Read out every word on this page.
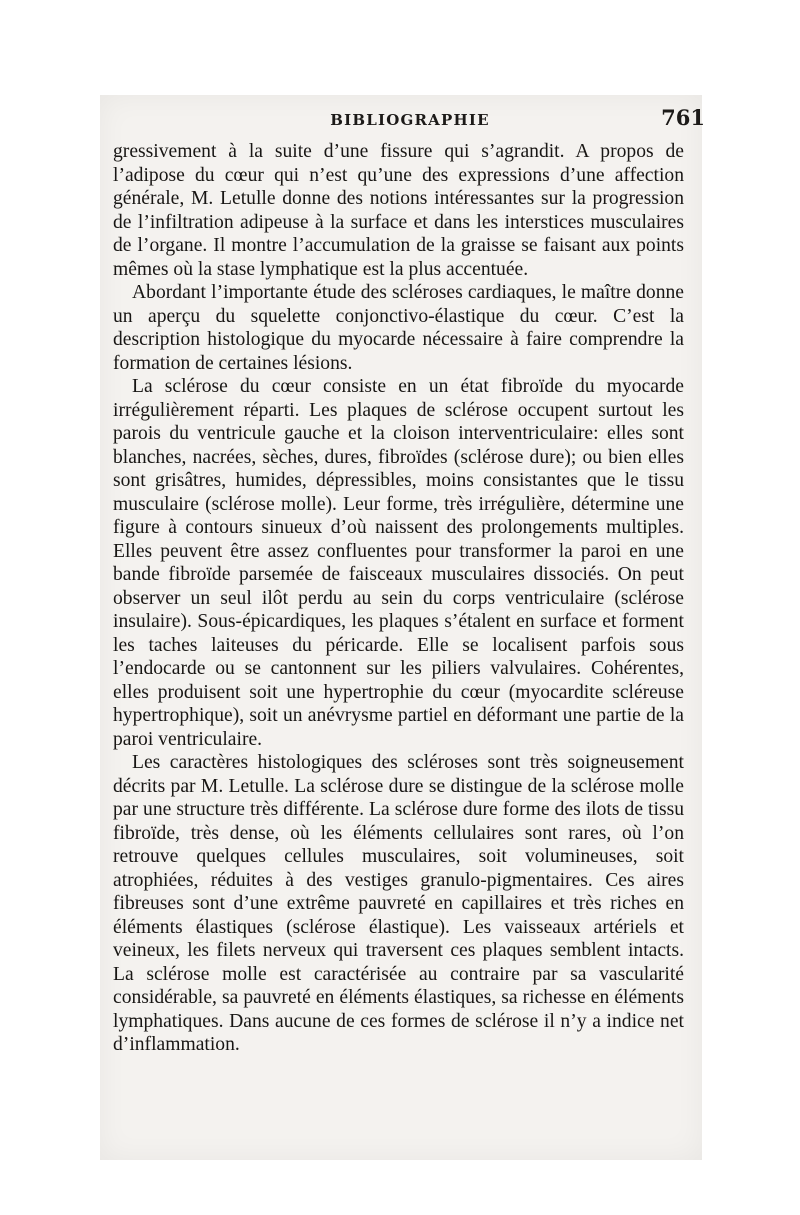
BIBLIOGRAPHIE	761

gressivement à la suite d’une fissure qui s’agrandit. A propos de l’adipose du cœur qui n’est qu’une des expressions d’une affection générale, M. Letulle donne des notions intéressantes sur la progression de l’infiltration adipeuse à la surface et dans les interstices musculaires de l’organe. Il montre l’accumulation de la graisse se faisant aux points mêmes où la stase lymphatique est la plus accentuée.

Abordant l’importante étude des scléroses cardiaques, le maître donne un aperçu du squelette conjonctivo-élastique du cœur. C’est la description histologique du myocarde nécessaire à faire comprendre la formation de certaines lésions.

La sclérose du cœur consiste en un état fibroïde du myocarde irrégulièrement réparti. Les plaques de sclérose occupent surtout les parois du ventricule gauche et la cloison interventriculaire: elles sont blanches, nacrées, sèches, dures, fibroïdes (sclérose dure); ou bien elles sont grisâtres, humides, dépressibles, moins consistantes que le tissu musculaire (sclérose molle). Leur forme, très irrégulière, détermine une figure à contours sinueux d’où naissent des prolongements multiples. Elles peuvent être assez confluentes pour transformer la paroi en une bande fibroïde parsemée de faisceaux musculaires dissociés. On peut observer un seul ilôt perdu au sein du corps ventriculaire (sclérose insulaire). Sous-épicardiques, les plaques s’étalent en surface et forment les taches laiteuses du péricarde. Elle se localisent parfois sous l’endocarde ou se cantonnent sur les piliers valvulaires. Cohérentes, elles produisent soit une hypertrophie du cœur (myocardite scléreuse hypertrophique), soit un anévrysme partiel en déformant une partie de la paroi ventriculaire.

Les caractères histologiques des scléroses sont très soigneusement décrits par M. Letulle. La sclérose dure se distingue de la sclérose molle par une structure très différente. La sclérose dure forme des ilots de tissu fibroïde, très dense, où les éléments cellulaires sont rares, où l’on retrouve quelques cellules musculaires, soit volumineuses, soit atrophiées, réduites à des vestiges granulo-pigmentaires. Ces aires fibreuses sont d’une extrême pauvreté en capillaires et très riches en éléments élastiques (sclérose élastique). Les vaisseaux artériels et veineux, les filets nerveux qui traversent ces plaques semblent intacts. La sclérose molle est caractérisée au contraire par sa vascularité considérable, sa pauvreté en éléments élastiques, sa richesse en éléments lymphatiques. Dans aucune de ces formes de sclérose il n’y a indice net d’inflammation.
